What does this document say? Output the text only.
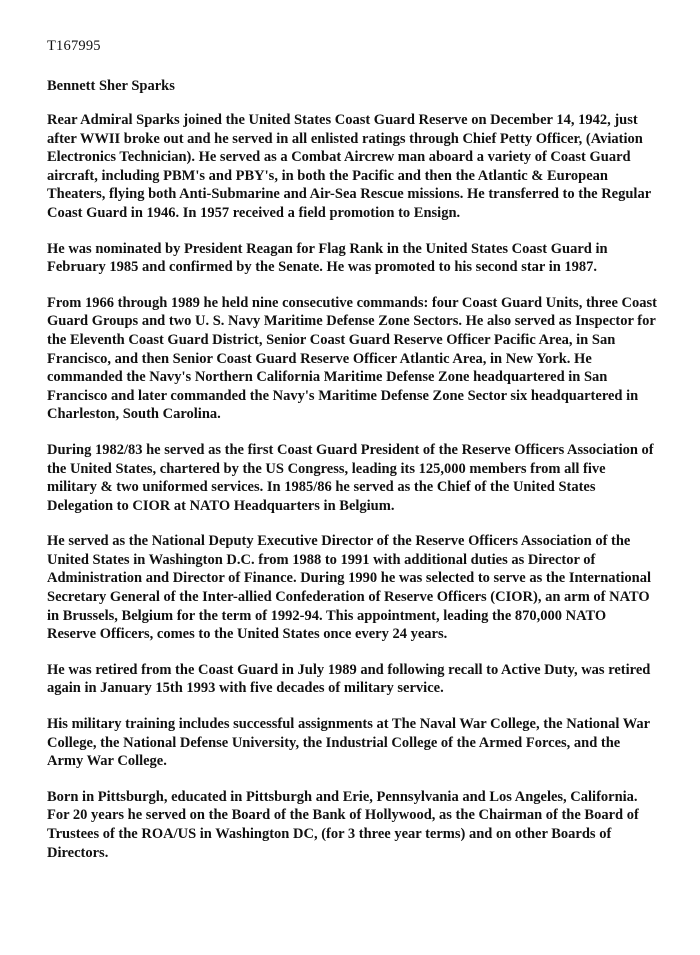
T167995
Bennett Sher Sparks

Rear Admiral Sparks joined the United States Coast Guard Reserve on December 14, 1942, just after WWII broke out and he served in all enlisted ratings through Chief Petty Officer, (Aviation Electronics Technician). He served as a Combat Aircrew man aboard a variety of Coast Guard aircraft, including PBM's and PBY's, in both the Pacific and then the Atlantic & European Theaters, flying both Anti-Submarine and Air-Sea Rescue missions. He transferred to the Regular Coast Guard in 1946. In 1957 received a field promotion to Ensign.

He was nominated by President Reagan for Flag Rank in the United States Coast Guard in February 1985 and confirmed by the Senate. He was promoted to his second star in 1987.

From 1966 through 1989 he held nine consecutive commands: four Coast Guard Units, three Coast Guard Groups and two U. S. Navy Maritime Defense Zone Sectors. He also served as Inspector for the Eleventh Coast Guard District, Senior Coast Guard Reserve Officer Pacific Area, in San Francisco, and then Senior Coast Guard Reserve Officer Atlantic Area, in New York. He commanded the Navy's Northern California Maritime Defense Zone headquartered in San Francisco and later commanded the Navy's Maritime Defense Zone Sector six headquartered in Charleston, South Carolina.

During 1982/83 he served as the first Coast Guard President of the Reserve Officers Association of the United States, chartered by the US Congress, leading its 125,000 members from all five military & two uniformed services. In 1985/86 he served as the Chief of the United States Delegation to CIOR at NATO Headquarters in Belgium.

He served as the National Deputy Executive Director of the Reserve Officers Association of the United States in Washington D.C. from 1988 to 1991 with additional duties as Director of Administration and Director of Finance. During 1990 he was selected to serve as the International Secretary General of the Inter-allied Confederation of Reserve Officers (CIOR), an arm of NATO in Brussels, Belgium for the term of 1992-94. This appointment, leading the 870,000 NATO Reserve Officers, comes to the United States once every 24 years.

He was retired from the Coast Guard in July 1989 and following recall to Active Duty, was retired again in January 15th 1993 with five decades of military service.

His military training includes successful assignments at The Naval War College, the National War College, the National Defense University, the Industrial College of the Armed Forces, and the Army War College.

Born in Pittsburgh, educated in Pittsburgh and Erie, Pennsylvania and Los Angeles, California. For 20 years he served on the Board of the Bank of Hollywood, as the Chairman of the Board of Trustees of the ROA/US in Washington DC, (for 3 three year terms) and on other Boards of Directors.
